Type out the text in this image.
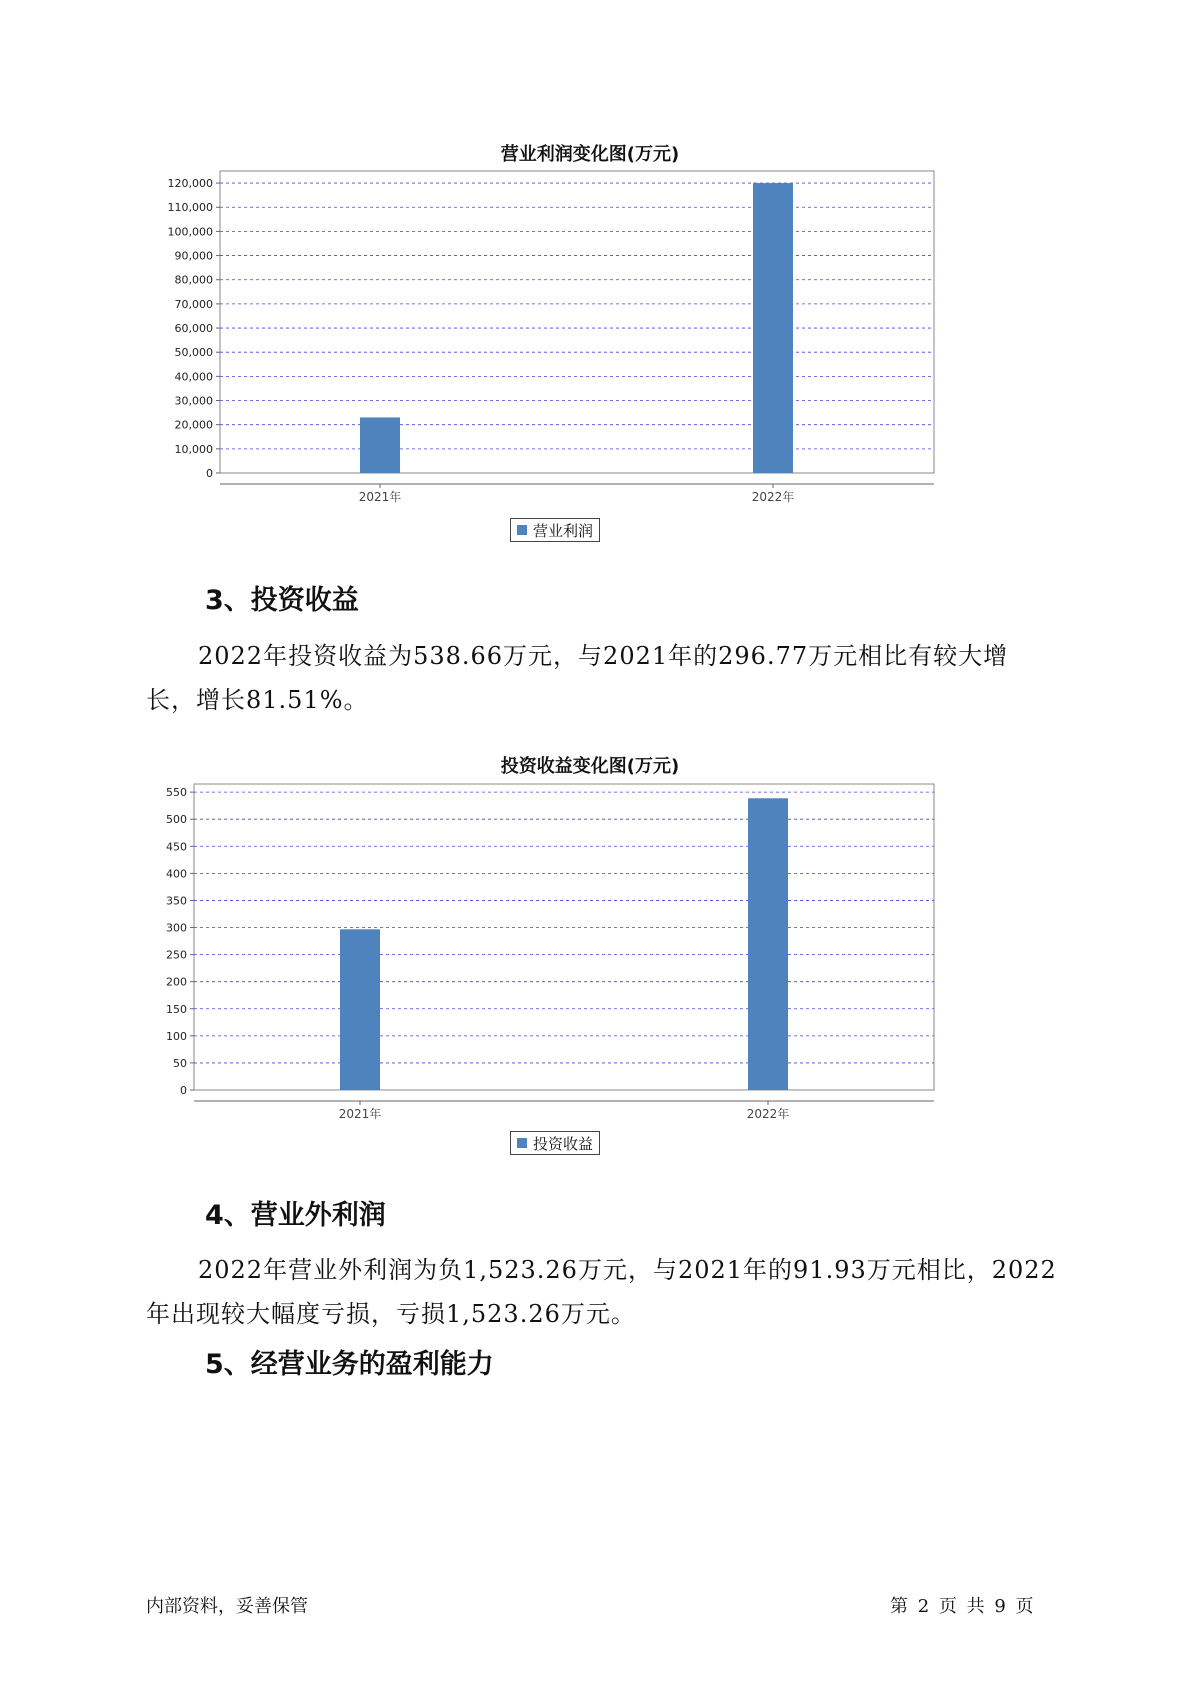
营业利润变化图(万元)
0
10,000
20,000
30,000
40,000
50,000
60,000
70,000
80,000
90,000
100,000
110,000
120,000
2021年	2022年
营业利润
3、投资收益
2022年投资收益为538.66万元，与2021年的296.77万元相比有较大增
长，增长81.51%。
投资收益变化图(万元)
0
50
100
150
200
250
300
350
400
450
500
550
2021年	2022年
投资收益
4、营业外利润
2022年营业外利润为负1,523.26万元，与2021年的91.93万元相比，2022
年出现较大幅度亏损，亏损1,523.26万元。
5、经营业务的盈利能力
内部资料，妥善保管	第 2 页 共 9 页
